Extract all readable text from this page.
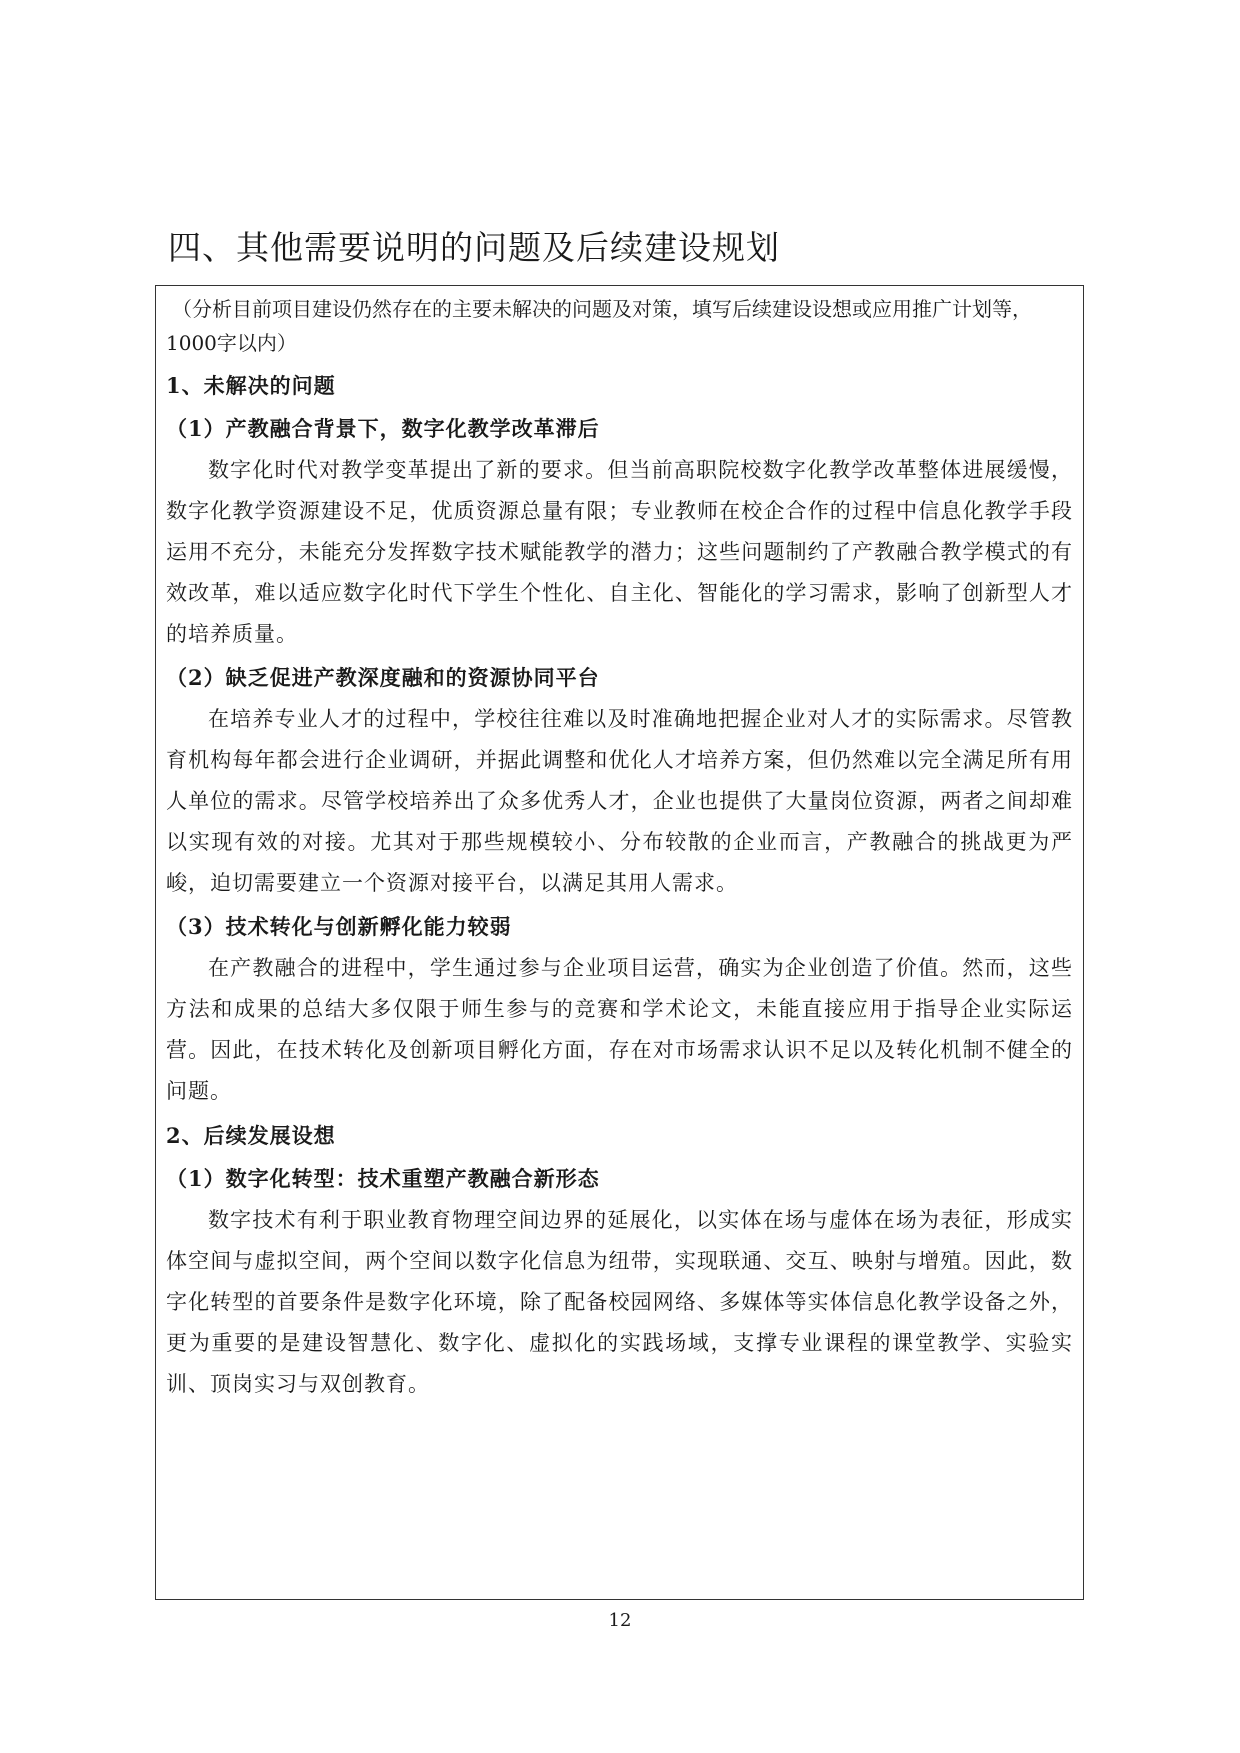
四、其他需要说明的问题及后续建设规划

（分析目前项目建设仍然存在的主要未解决的问题及对策，填写后续建设设想或应用推广计划等，1000字以内）

1、未解决的问题
（1）产教融合背景下，数字化教学改革滞后

数字化时代对教学变革提出了新的要求。但当前高职院校数字化教学改革整体进展缓慢，数字化教学资源建设不足，优质资源总量有限；专业教师在校企合作的过程中信息化教学手段运用不充分，未能充分发挥数字技术赋能教学的潜力；这些问题制约了产教融合教学模式的有效改革，难以适应数字化时代下学生个性化、自主化、智能化的学习需求，影响了创新型人才的培养质量。

（2）缺乏促进产教深度融和的资源协同平台

在培养专业人才的过程中，学校往往难以及时准确地把握企业对人才的实际需求。尽管教育机构每年都会进行企业调研，并据此调整和优化人才培养方案，但仍然难以完全满足所有用人单位的需求。尽管学校培养出了众多优秀人才，企业也提供了大量岗位资源，两者之间却难以实现有效的对接。尤其对于那些规模较小、分布较散的企业而言，产教融合的挑战更为严峻，迫切需要建立一个资源对接平台，以满足其用人需求。

（3）技术转化与创新孵化能力较弱

在产教融合的进程中，学生通过参与企业项目运营，确实为企业创造了价值。然而，这些方法和成果的总结大多仅限于师生参与的竞赛和学术论文，未能直接应用于指导企业实际运营。因此，在技术转化及创新项目孵化方面，存在对市场需求认识不足以及转化机制不健全的问题。

2、后续发展设想
（1）数字化转型：技术重塑产教融合新形态

数字技术有利于职业教育物理空间边界的延展化，以实体在场与虚体在场为表征，形成实体空间与虚拟空间，两个空间以数字化信息为纽带，实现联通、交互、映射与增殖。因此，数字化转型的首要条件是数字化环境，除了配备校园网络、多媒体等实体信息化教学设备之外，更为重要的是建设智慧化、数字化、虚拟化的实践场域，支撑专业课程的课堂教学、实验实训、顶岗实习与双创教育。

12
